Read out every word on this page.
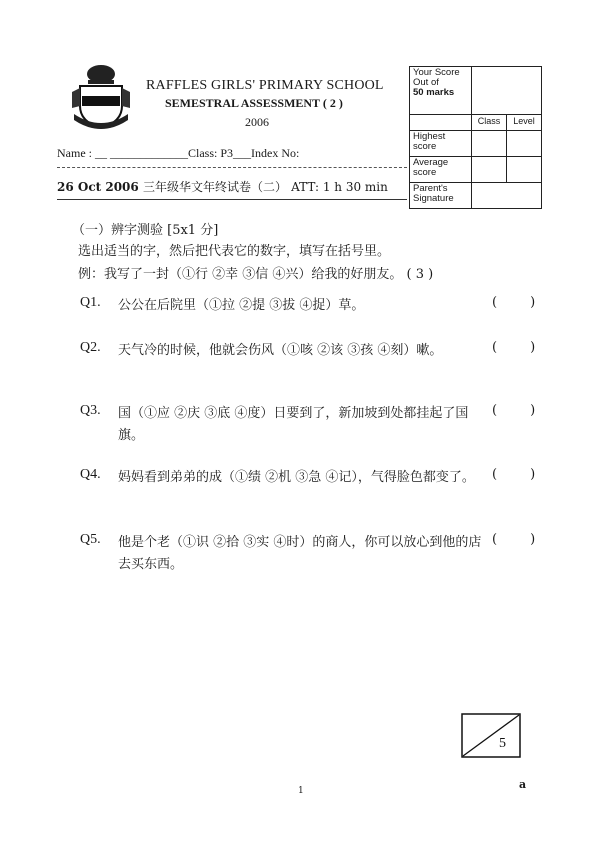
RAFFLES GIRLS' PRIMARY SCHOOL
SEMESTRAL ASSESSMENT ( 2 )
2006
Name : __ _____________Class: P3___Index No:
26 Oct 2006 三年级华文年终试卷（二） ATT: 1 h 30 min
Your Score Out of
50 marks		
	Class	Level
Highest score		
Average score		
Parent's Signature		
（一）辨字测验 [5x1 分]
选出适当的字，然后把代表它的数字，填写在括号里。
例：我写了一封（①行 ②幸 ③信 ④兴）给我的好朋友。 ( 3 )
Q1. 公公在后院里（①拉 ②提 ③拔 ④捉）草。	(        )
Q2. 天气冷的时候，他就会伤风（①咳 ②该 ③孩 ④刻）嗽。	(        )
Q3. 国（①应 ②庆 ③底 ④度）日要到了，新加坡到处都挂起了国旗。
(        )
Q4. 妈妈看到弟弟的成（①绩 ②机 ③急 ④记），气得脸色都变了。	(        )
Q5. 他是个老（①识 ②拾 ③实 ④时）的商人，你可以放心到他的店去买东西。
(        )
5
1	a
